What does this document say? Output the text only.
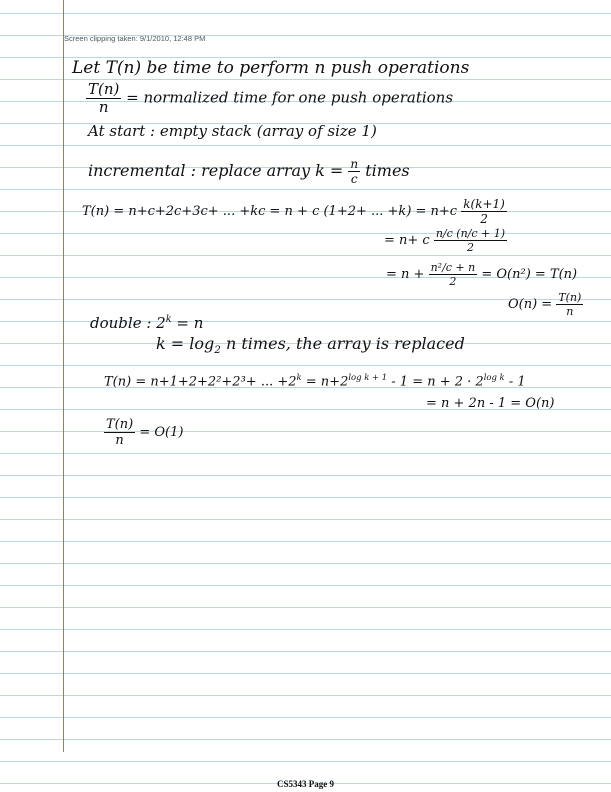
Screen clipping taken: 9/1/2010, 12:48 PM
Let T(n) be time to perform n push operations
$\frac{T(n)}{n}$ = normalized time for one push operations
At start : empty stack (array of size 1)
incremental : replace array $k = \frac{n}{c}$ times
T(n) = n+c+2c+3c+ ... +kc = n + c (1+2+ ... $+k) = n+c \frac{k(k+1)}{2}$
= n+ c $\frac{n/c (n/c + 1)}{2}$
= $n + \frac{\text{n²/c + n}}{2} = O(n^2) = T(n)$
$O(n) = \frac{T(n)}{n}$
double : $2^k = n$
$k = \log_2 n$ times, the array is replaced
T(n) = n+1+2+2²+2³+ ... $+2^k = n+2^{log k + 1} - 1 = n + 2 \cdot 2^{log k} - 1$
= n + 2n - 1 = O(n)
$\frac{T(n)}{n} = O(1)$
CS5343 Page 9
